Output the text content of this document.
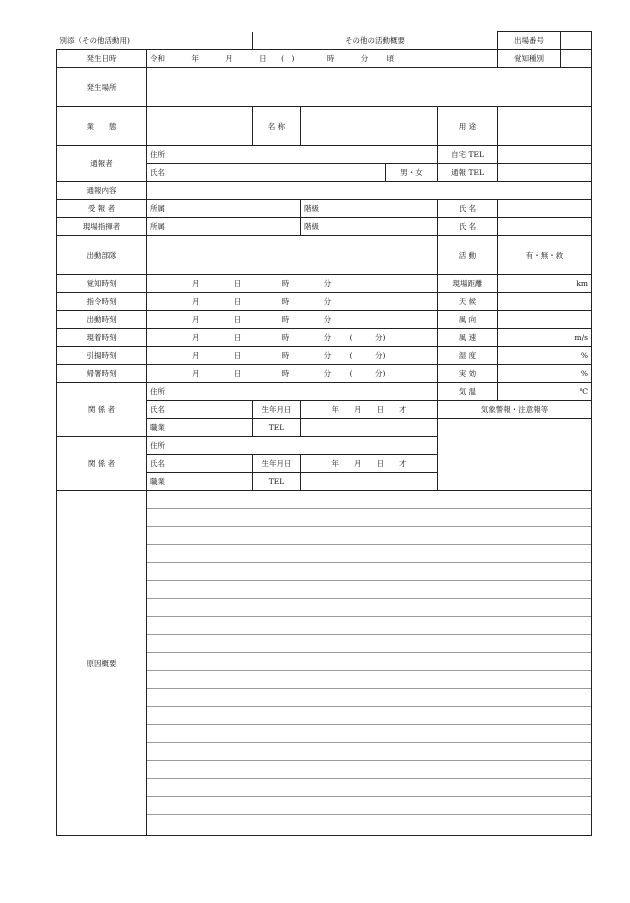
別添（その他活動用)	その他の活動概要		出場番号	

発生日時	令和	年	月	日 (　)	時	分 頃		覚知種別	

発生場所	
業　　態		名 称		用 途	
通報者	住所	自宅 TEL	
氏名	男・女	通報 TEL	
通報内容	
受 報 者	所属	階級	氏 名	
現場指揮者	所属	階級	氏 名	
出動部隊		活 動	有・無・救
覚知時刻	月	日	時	分	現場距離	km
指令時刻	月	日	時	分	天 候	
出動時刻	月	日	時	分	風 向	
現着時刻	月	日	時	分 (　　　分)	風 速	m/s
引揚時刻	月	日	時	分 (　　　分)	湿 度	%
帰署時刻	月	日	時	分 (　　　分)	実 効	%
関 係 者	住所	気 温	℃
氏名	生年月日	年　　月　　日　　才	気象警報・注意報等
職業	TEL		
関 係 者	住所
氏名	生年月日	年　　月　　日　　才
職業	TEL	
原因概要	
